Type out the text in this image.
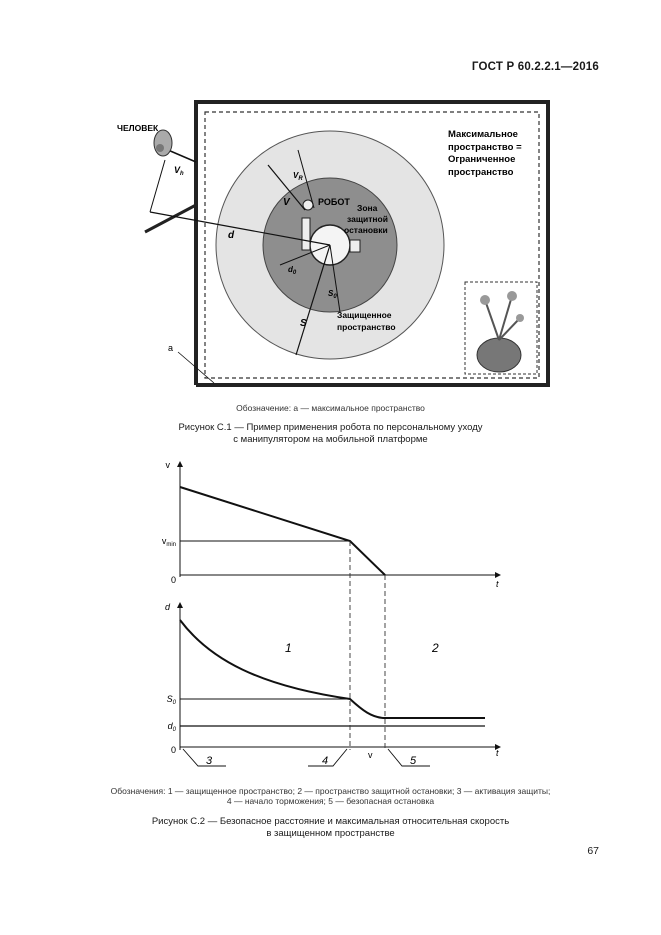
ГОСТ Р 60.2.2.1—2016
ЧЕЛОВЕК
РОБОТ
Максимальное
пространство =
Ограниченное
пространство
Зона
защитной
остановки
Защищенное
пространство
d
S
V
a
$V_h$	$V_R$
$d_0$
$S_0$
Обозначение: а — максимальное пространство
Рисунок С.1 — Пример применения робота по персональному уходу
с манипулятором на мобильной платформе
v
$v_{min}$
0	t
d
$S_0$
$d_0$
0	t
v
1	2
3	4	5
Обозначения: 1 — защищенное пространство; 2 — пространство защитной остановки; 3 — активация защиты;
4 — начало торможения; 5 — безопасная остановка
Рисунок С.2 — Безопасное расстояние и максимальная относительная скорость
в защищенном пространстве
67
